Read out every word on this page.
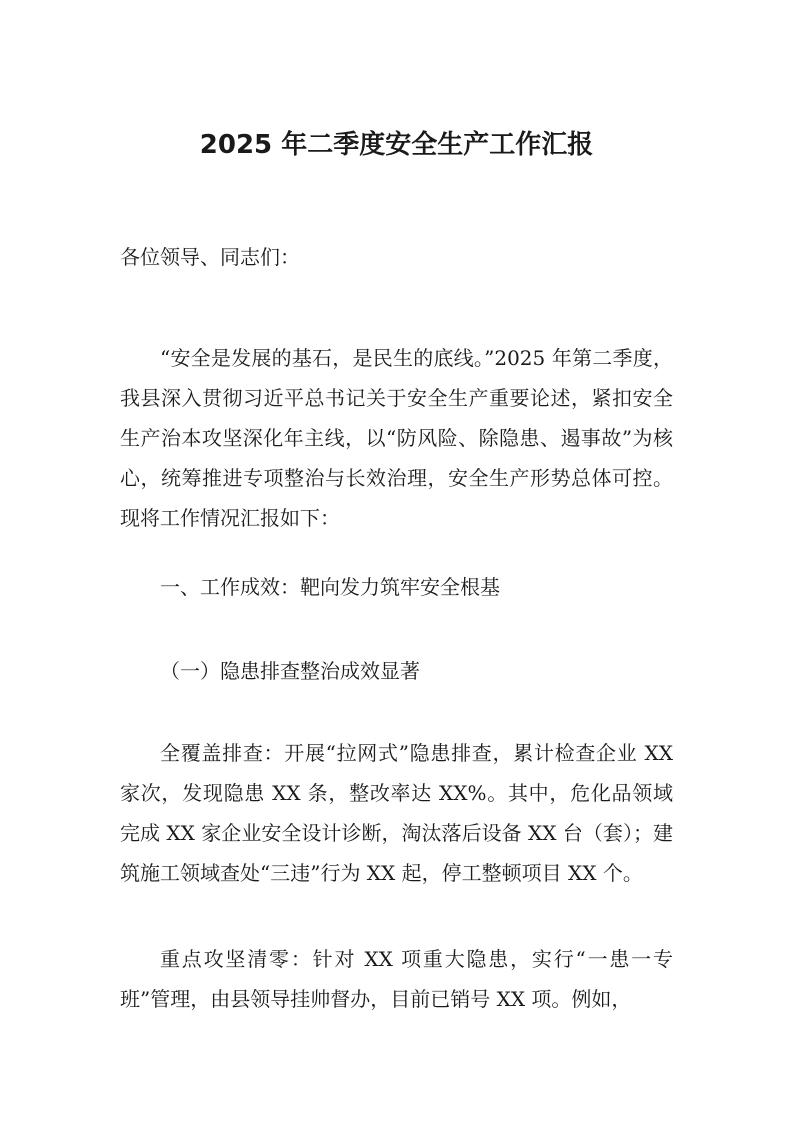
2025 年二季度安全生产工作汇报
各位领导、同志们：
“安全是发展的基石，是民生的底线。”2025 年第二季度，我县深入贯彻习近平总书记关于安全生产重要论述，紧扣安全生产治本攻坚深化年主线，以“防风险、除隐患、遏事故”为核心，统筹推进专项整治与长效治理，安全生产形势总体可控。现将工作情况汇报如下：
一、工作成效：靶向发力筑牢安全根基
（一）隐患排查整治成效显著
全覆盖排查：开展“拉网式”隐患排查，累计检查企业 XX 家次，发现隐患 XX 条，整改率达 XX%。其中，危化品领域完成 XX 家企业安全设计诊断，淘汰落后设备 XX 台（套）；建筑施工领域查处“三违”行为 XX 起，停工整顿项目 XX 个。
重点攻坚清零：针对 XX 项重大隐患，实行“一患一专班”管理，由县领导挂帅督办，目前已销号 XX 项。例如，
